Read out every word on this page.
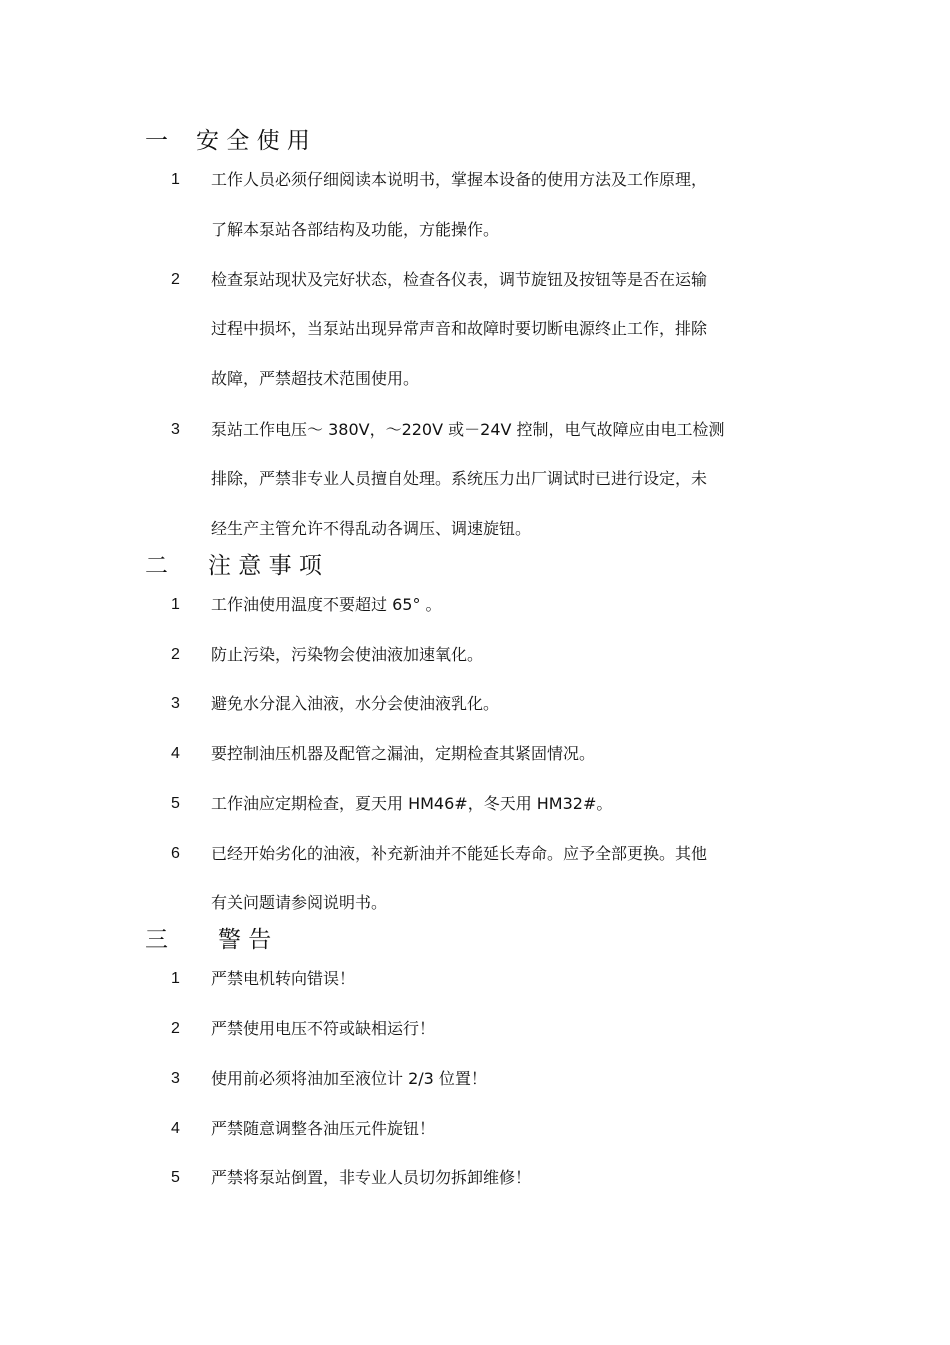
一 安 全 使 用
1 工作人员必须仔细阅读本说明书，掌握本设备的使用方法及工作原理，
了解本泵站各部结构及功能，方能操作。
2 检查泵站现状及完好状态，检查各仪表，调节旋钮及按钮等是否在运输
过程中损坏，当泵站出现异常声音和故障时要切断电源终止工作，排除
故障，严禁超技术范围使用。
3 泵站工作电压～ 380V，～220V 或－24V 控制，电气故障应由电工检测
排除，严禁非专业人员擅自处理。系统压力出厂调试时已进行设定，未
经生产主管允许不得乱动各调压、调速旋钮。
二 注 意 事 项
1 工作油使用温度不要超过 65° 。
2 防止污染，污染物会使油液加速氧化。
3 避免水分混入油液，水分会使油液乳化。
4 要控制油压机器及配管之漏油，定期检查其紧固情况。
5 工作油应定期检查，夏天用 HM46#，冬天用 HM32#。
6 已经开始劣化的油液，补充新油并不能延长寿命。应予全部更换。其他
有关问题请参阅说明书。
三 警 告
1 严禁电机转向错误！
2 严禁使用电压不符或缺相运行！
3 使用前必须将油加至液位计 2/3 位置！
4 严禁随意调整各油压元件旋钮！
5 严禁将泵站倒置，非专业人员切勿拆卸维修！
